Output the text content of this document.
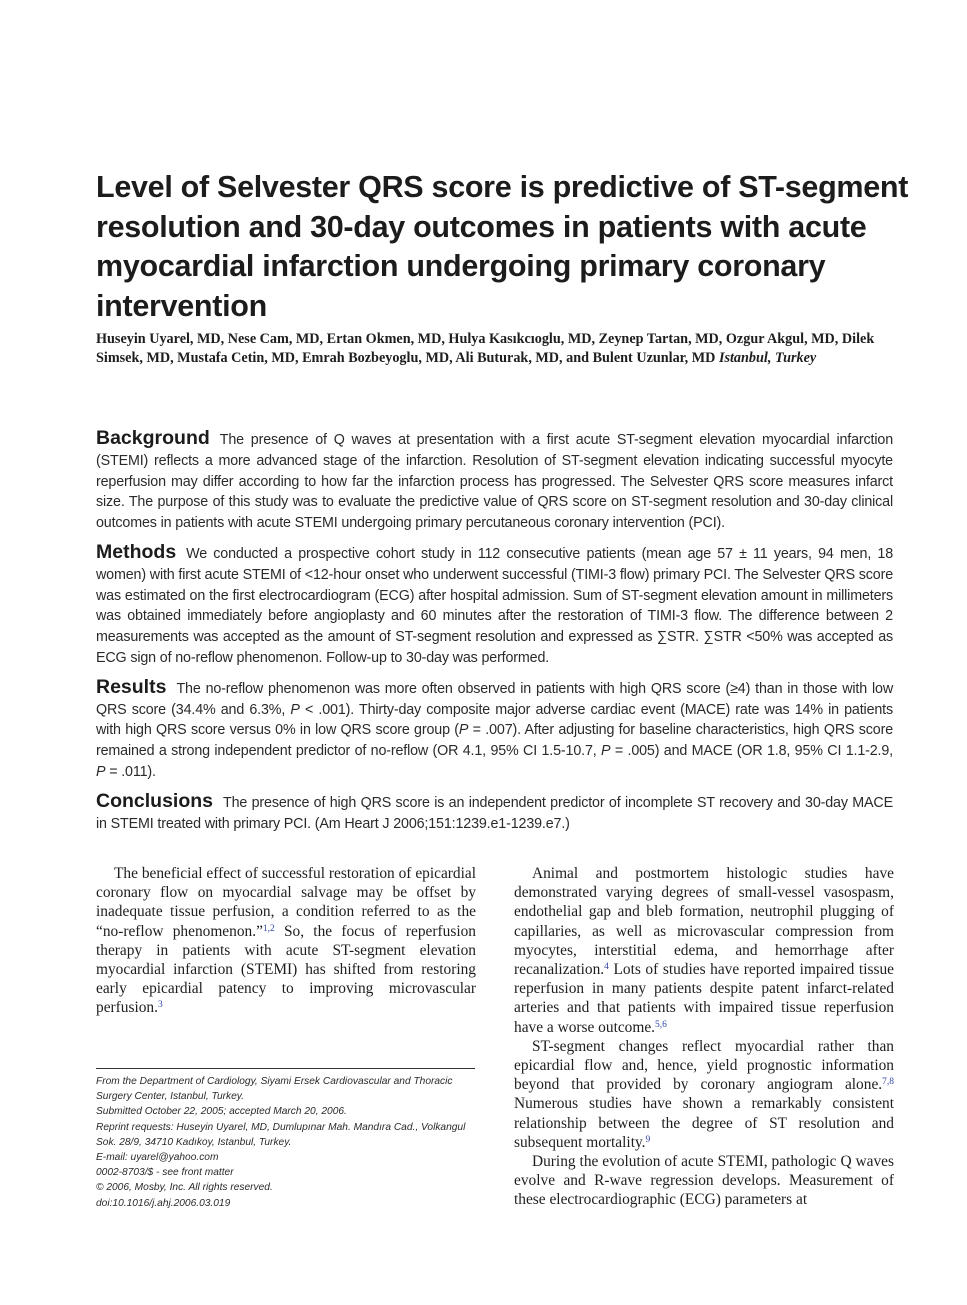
Level of Selvester QRS score is predictive of ST-segment resolution and 30-day outcomes in patients with acute myocardial infarction undergoing primary coronary intervention

Huseyin Uyarel, MD, Nese Cam, MD, Ertan Okmen, MD, Hulya Kasıkcıoglu, MD, Zeynep Tartan, MD, Ozgur Akgul, MD, Dilek Simsek, MD, Mustafa Cetin, MD, Emrah Bozbeyoglu, MD, Ali Buturak, MD, and Bulent Uzunlar, MD Istanbul, Turkey

Background The presence of Q waves at presentation with a first acute ST-segment elevation myocardial infarction (STEMI) reflects a more advanced stage of the infarction. Resolution of ST-segment elevation indicating successful myocyte reperfusion may differ according to how far the infarction process has progressed. The Selvester QRS score measures infarct size. The purpose of this study was to evaluate the predictive value of QRS score on ST-segment resolution and 30-day clinical outcomes in patients with acute STEMI undergoing primary percutaneous coronary intervention (PCI).

Methods We conducted a prospective cohort study in 112 consecutive patients (mean age 57 ± 11 years, 94 men, 18 women) with first acute STEMI of <12-hour onset who underwent successful (TIMI-3 flow) primary PCI. The Selvester QRS score was estimated on the first electrocardiogram (ECG) after hospital admission. Sum of ST-segment elevation amount in millimeters was obtained immediately before angioplasty and 60 minutes after the restoration of TIMI-3 flow. The difference between 2 measurements was accepted as the amount of ST-segment resolution and expressed as ∑STR. ∑STR <50% was accepted as ECG sign of no-reflow phenomenon. Follow-up to 30-day was performed.

Results The no-reflow phenomenon was more often observed in patients with high QRS score (≥4) than in those with low QRS score (34.4% and 6.3%, P < .001). Thirty-day composite major adverse cardiac event (MACE) rate was 14% in patients with high QRS score versus 0% in low QRS score group (P = .007). After adjusting for baseline characteristics, high QRS score remained a strong independent predictor of no-reflow (OR 4.1, 95% CI 1.5-10.7, P = .005) and MACE (OR 1.8, 95% CI 1.1-2.9, P = .011).

Conclusions The presence of high QRS score is an independent predictor of incomplete ST recovery and 30-day MACE in STEMI treated with primary PCI. (Am Heart J 2006;151:1239.e1-1239.e7.)

The beneficial effect of successful restoration of epicardial coronary flow on myocardial salvage may be offset by inadequate tissue perfusion, a condition referred to as the “no-reflow phenomenon.”$^{1,2}$ So, the focus of reperfusion therapy in patients with acute ST-segment elevation myocardial infarction (STEMI) has shifted from restoring early epicardial patency to improving microvascular perfusion.$^3$

Animal and postmortem histologic studies have demonstrated varying degrees of small-vessel vasospasm, endothelial gap and bleb formation, neutrophil plugging of capillaries, as well as microvascular compression from myocytes, interstitial edema, and hemorrhage after recanalization.$^4$ Lots of studies have reported impaired tissue reperfusion in many patients despite patent infarct-related arteries and that patients with impaired tissue reperfusion have a worse outcome.$^{5,6}$

ST-segment changes reflect myocardial rather than epicardial flow and, hence, yield prognostic information beyond that provided by coronary angiogram alone.$^{7,8}$ Numerous studies have shown a remarkably consistent relationship between the degree of ST resolution and subsequent mortality.$^9$

During the evolution of acute STEMI, pathologic Q waves evolve and R-wave regression develops. Measurement of these electrocardiographic (ECG) parameters at

From the Department of Cardiology, Siyami Ersek Cardiovascular and Thoracic Surgery Center, Istanbul, Turkey.
Submitted October 22, 2005; accepted March 20, 2006.
Reprint requests: Huseyin Uyarel, MD, Dumlupınar Mah. Mandıra Cad., Volkangul Sok. 28/9, 34710 Kadıkoy, Istanbul, Turkey.
E-mail: uyarel@yahoo.com
0002-8703/$ - see front matter
© 2006, Mosby, Inc. All rights reserved.
doi:10.1016/j.ahj.2006.03.019
